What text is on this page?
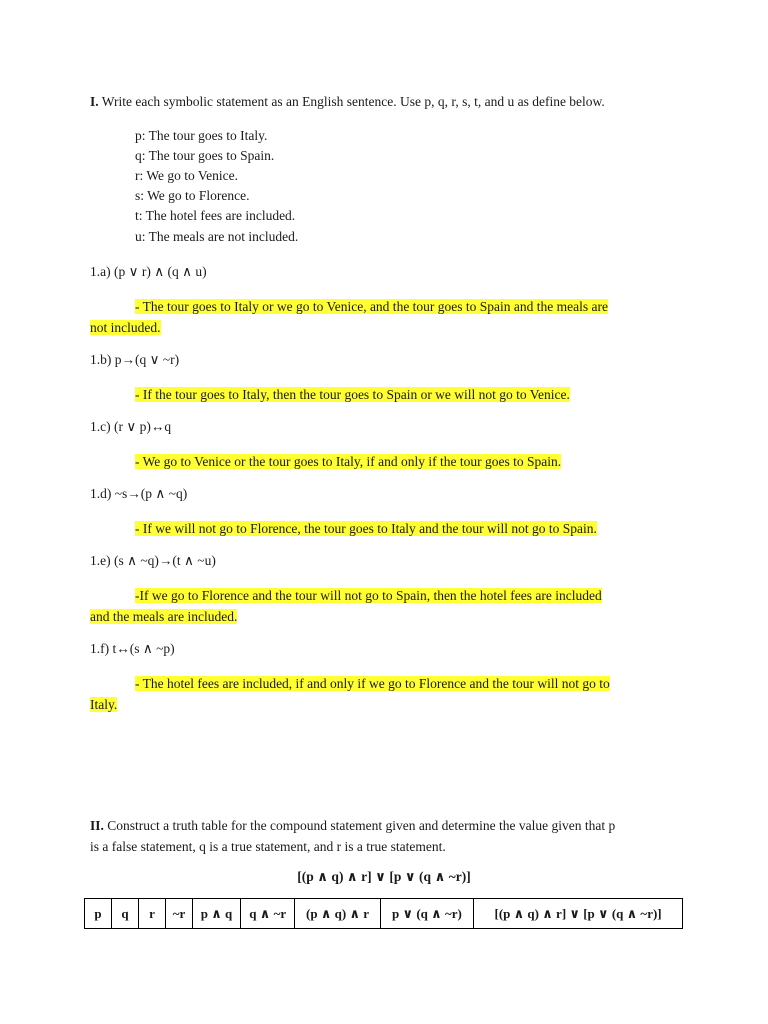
I. Write each symbolic statement as an English sentence. Use p, q, r, s, t, and u as define below.
p: The tour goes to Italy.
q: The tour goes to Spain.
r: We go to Venice.
s: We go to Florence.
t: The hotel fees are included.
u: The meals are not included.
1.a) (p ∨ r) ∧ (q ∧ u)
- The tour goes to Italy or we go to Venice, and the tour goes to Spain and the meals are
not included.
1.b) p→(q ∨ ~r)
- If the tour goes to Italy, then the tour goes to Spain or we will not go to Venice.
1.c) (r ∨ p)↔q
- We go to Venice or the tour goes to Italy, if and only if the tour goes to Spain.
1.d) ~s→(p ∧ ~q)
- If we will not go to Florence, the tour goes to Italy and the tour will not go to Spain.
1.e) (s ∧ ~q)→(t ∧ ~u)
-If we go to Florence and the tour will not go to Spain, then the hotel fees are included
and the meals are included.
1.f) t↔(s ∧ ~p)
- The hotel fees are included, if and only if we go to Florence and the tour will not go to
Italy.
II. Construct a truth table for the compound statement given and determine the value given that p
is a false statement, q is a true statement, and r is a true statement.
[(p ∧ q) ∧ r] ∨ [p ∨ (q ∧ ~r)]
p	q	r	~r	p ∧ q	q ∧ ~r	(p ∧ q) ∧ r	p ∨ (q ∧ ~r)	[(p ∧ q) ∧ r] ∨ [p ∨ (q ∧ ~r)]
